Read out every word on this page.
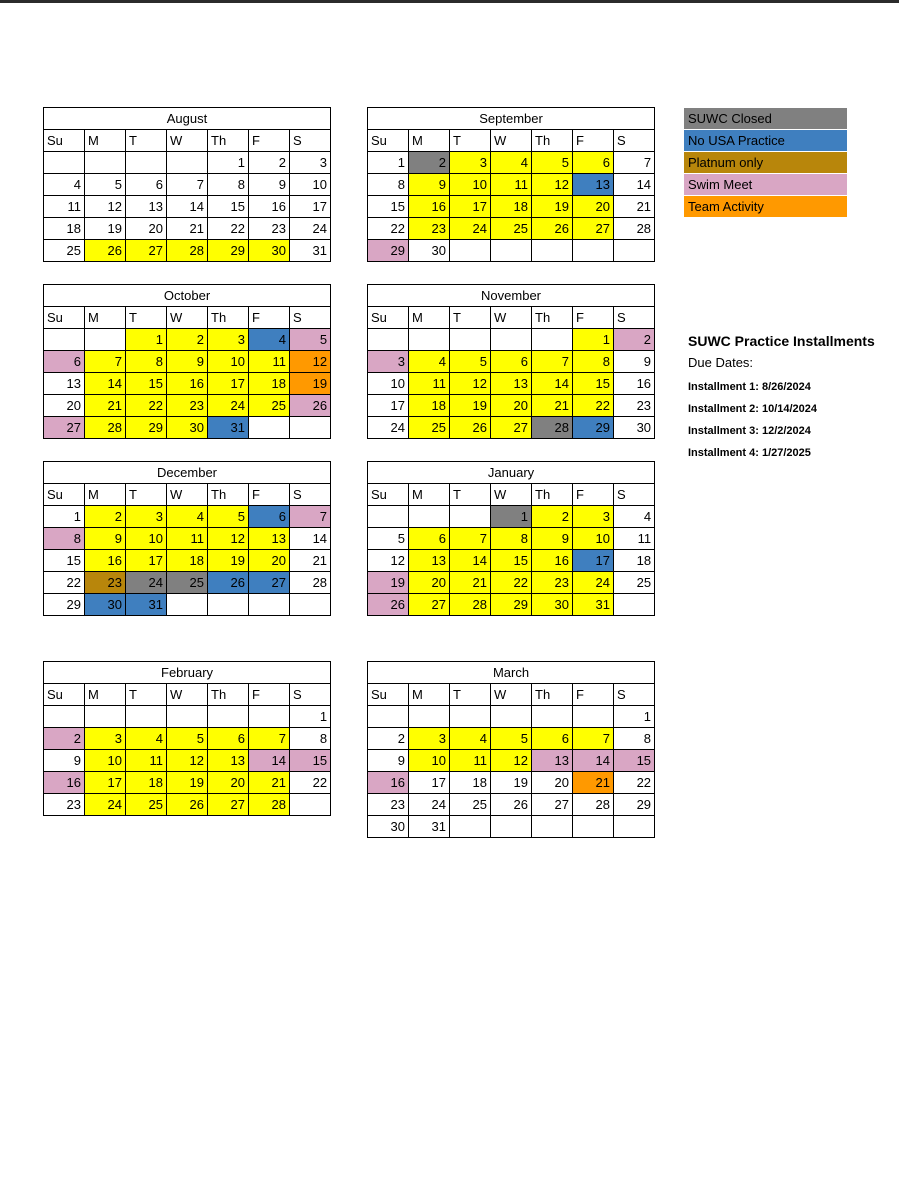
August						
Su	M	T	W	Th	F	S
				1	2	3
4	5	6	7	8	9	10
11	12	13	14	15	16	17
18	19	20	21	22	23	24
25	26	27	28	29	30	31
September						
Su	M	T	W	Th	F	S
1	2	3	4	5	6	7
8	9	10	11	12	13	14
15	16	17	18	19	20	21
22	23	24	25	26	27	28
29	30					
October						
Su	M	T	W	Th	F	S
		1	2	3	4	5
6	7	8	9	10	11	12
13	14	15	16	17	18	19
20	21	22	23	24	25	26
27	28	29	30	31		
November						
Su	M	T	W	Th	F	S
					1	2
3	4	5	6	7	8	9
10	11	12	13	14	15	16
17	18	19	20	21	22	23
24	25	26	27	28	29	30
December						
Su	M	T	W	Th	F	S
1	2	3	4	5	6	7
8	9	10	11	12	13	14
15	16	17	18	19	20	21
22	23	24	25	26	27	28
29	30	31				
January						
Su	M	T	W	Th	F	S
			1	2	3	4
5	6	7	8	9	10	11
12	13	14	15	16	17	18
19	20	21	22	23	24	25
26	27	28	29	30	31	
February						
Su	M	T	W	Th	F	S
						1
2	3	4	5	6	7	8
9	10	11	12	13	14	15
16	17	18	19	20	21	22
23	24	25	26	27	28	
March						
Su	M	T	W	Th	F	S
						1
2	3	4	5	6	7	8
9	10	11	12	13	14	15
16	17	18	19	20	21	22
23	24	25	26	27	28	29
30	31					
SUWC Closed
No USA Practice
Platnum only
Swim Meet
Team Activity
SUWC Practice Installments
Due Dates:
Installment 1: 8/26/2024
Installment 2: 10/14/2024
Installment 3: 12/2/2024
Installment 4: 1/27/2025
